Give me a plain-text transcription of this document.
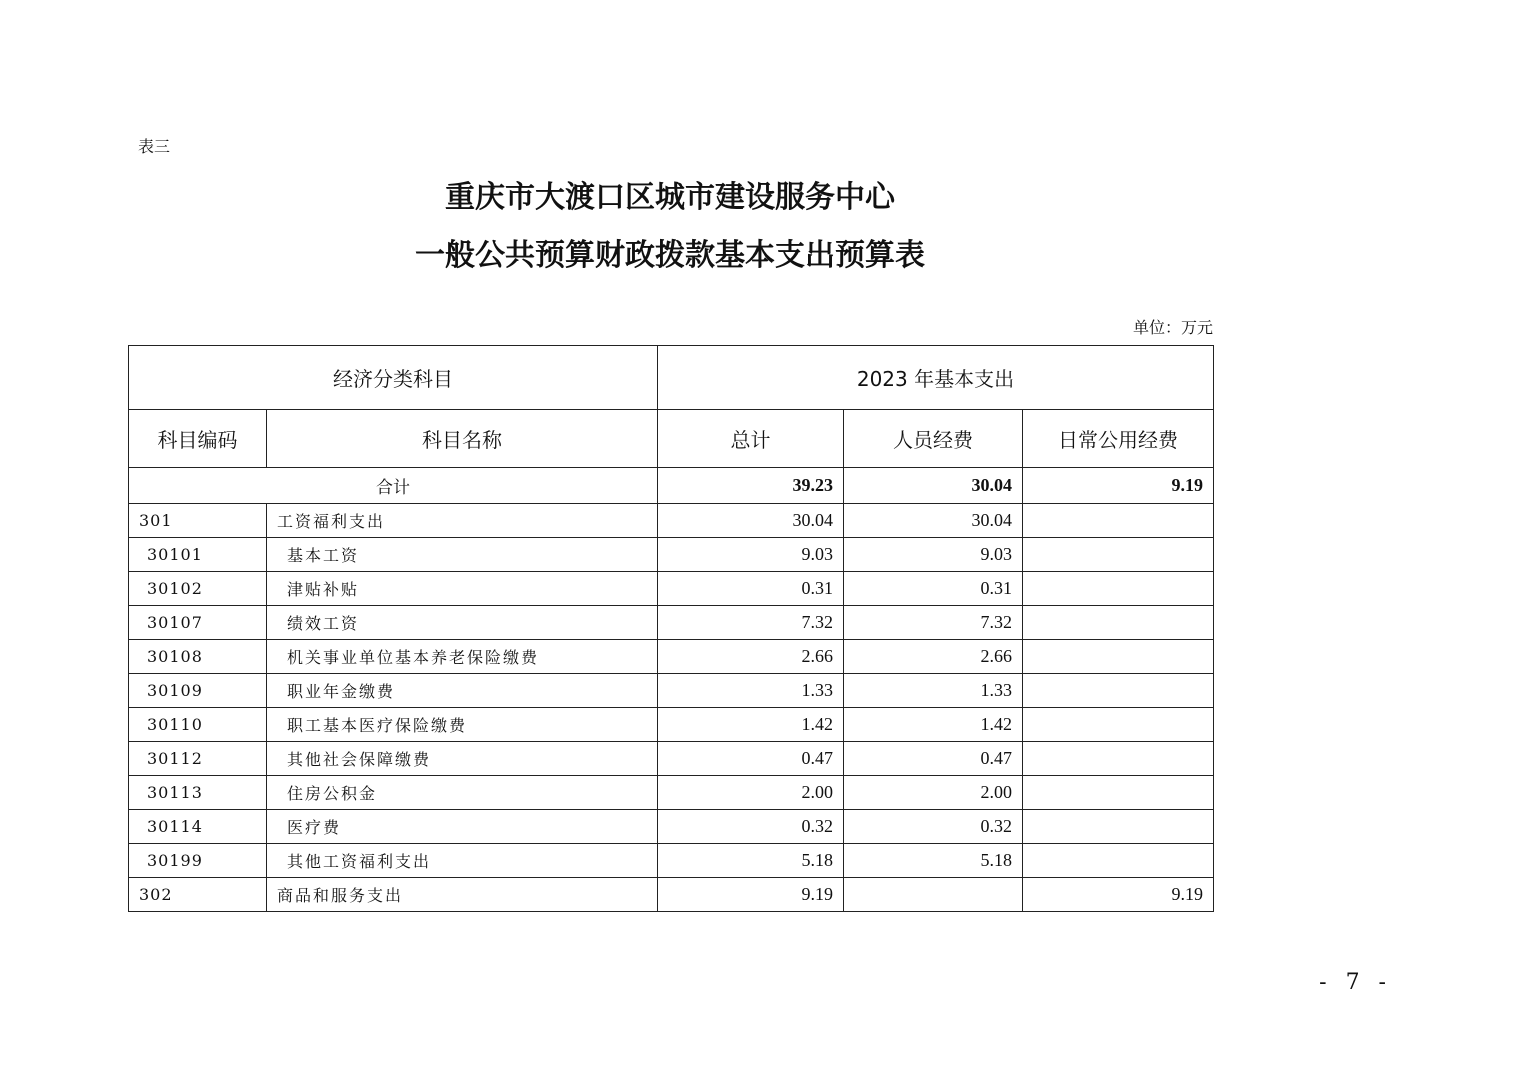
表三
重庆市大渡口区城市建设服务中心
一般公共预算财政拨款基本支出预算表
单位：万元
经济分类科目		2023 年基本支出		
科目编码	科目名称	总计	人员经费	日常公用经费
合计		39.23	30.04	9.19
301	工资福利支出	30.04	30.04	
30101	基本工资	9.03	9.03	
30102	津贴补贴	0.31	0.31	
30107	绩效工资	7.32	7.32	
30108	机关事业单位基本养老保险缴费	2.66	2.66	
30109	职业年金缴费	1.33	1.33	
30110	职工基本医疗保险缴费	1.42	1.42	
30112	其他社会保障缴费	0.47	0.47	
30113	住房公积金	2.00	2.00	
30114	医疗费	0.32	0.32	
30199	其他工资福利支出	5.18	5.18	
302	商品和服务支出	9.19		9.19
- 7 -
